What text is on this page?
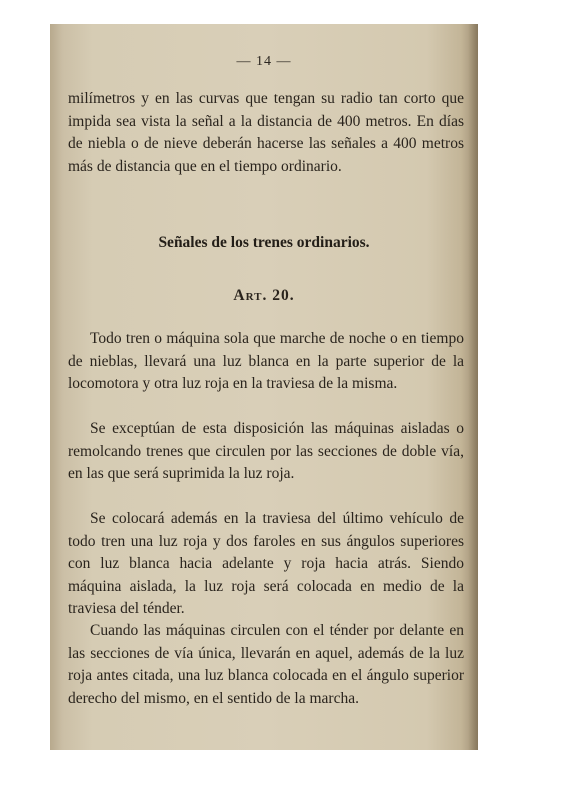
— 14 —

milímetros y en las curvas que tengan su radio tan corto que impida sea vista la señal a la distancia de 400 metros. En días de niebla o de nieve deberán hacerse las señales a 400 metros más de distancia que en el tiempo ordinario.

Señales de los trenes ordinarios.
Art. 20.

Todo tren o máquina sola que marche de noche o en tiempo de nieblas, llevará una luz blanca en la parte superior de la locomotora y otra luz roja en la traviesa de la misma.

Se exceptúan de esta disposición las máquinas aisladas o remolcando trenes que circulen por las secciones de doble vía, en las que será suprimida la luz roja.

Se colocará además en la traviesa del último vehículo de todo tren una luz roja y dos faroles en sus ángulos superiores con luz blanca hacia adelante y roja hacia atrás. Siendo máquina aislada, la luz roja será colocada en medio de la traviesa del ténder.

Cuando las máquinas circulen con el ténder por delante en las secciones de vía única, llevarán en aquel, además de la luz roja antes citada, una luz blanca colocada en el ángulo superior derecho del mismo, en el sentido de la marcha.
